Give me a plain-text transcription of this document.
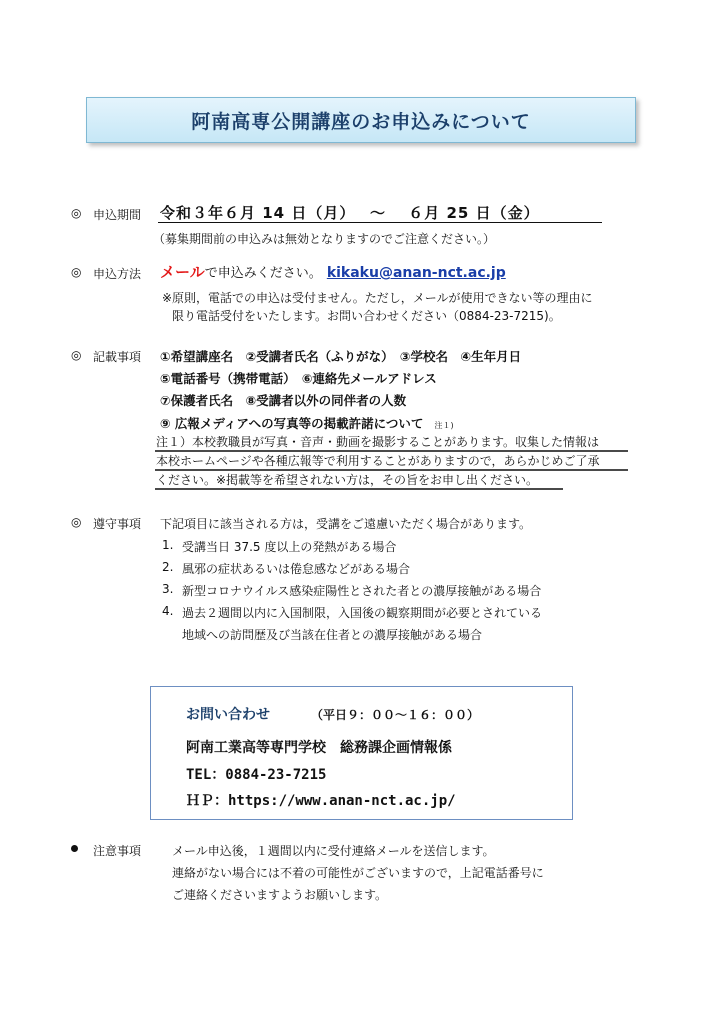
阿南高専公開講座のお申込みについて
◎ 申込期間 令和３年６月 14 日（月）　 ～　 ６月 25 日（金）
（募集期間前の申込みは無効となりますのでご注意ください。）
◎ 申込方法 メールで申込みください。 kikaku@anan-nct.ac.jp
※原則，電話での申込は受付ません。ただし，メールが使用できない等の理由に
限り電話受付をいたします。お問い合わせください（0884-23-7215)。
◎ 記載事項 ①希望講座名　②受講者氏名（ふりがな）　③学校名　④生年月日
⑤電話番号（携帯電話）　⑥連絡先メールアドレス
⑦保護者氏名　⑧受講者以外の同伴者の人数
⑨ 広報メディアへの写真等の掲載許諾について 注１)
注１）本校教職員が写真・音声・動画を撮影することがあります。収集した情報は
本校ホームページや各種広報等で利用することがありますので，あらかじめご了承
ください。※掲載等を希望されない方は，その旨をお申し出ください。
◎ 遵守事項 下記項目に該当される方は，受講をご遠慮いただく場合があります。
1. 受講当日 37.5 度以上の発熱がある場合
2. 風邪の症状あるいは倦怠感などがある場合
3. 新型コロナウイルス感染症陽性とされた者との濃厚接触がある場合
4. 過去２週間以内に入国制限，入国後の観察期間が必要とされている
地域への訪問歴及び当該在住者との濃厚接触がある場合
お問い合わせ	（平日９：００～１６：００）
阿南工業高等専門学校　総務課企画情報係
TEL：0884-23-7215
ＨＰ：https://www.anan-nct.ac.jp/
注意事項	メール申込後，１週間以内に受付連絡メールを送信します。
連絡がない場合には不着の可能性がございますので，上記電話番号に
ご連絡くださいますようお願いします。
